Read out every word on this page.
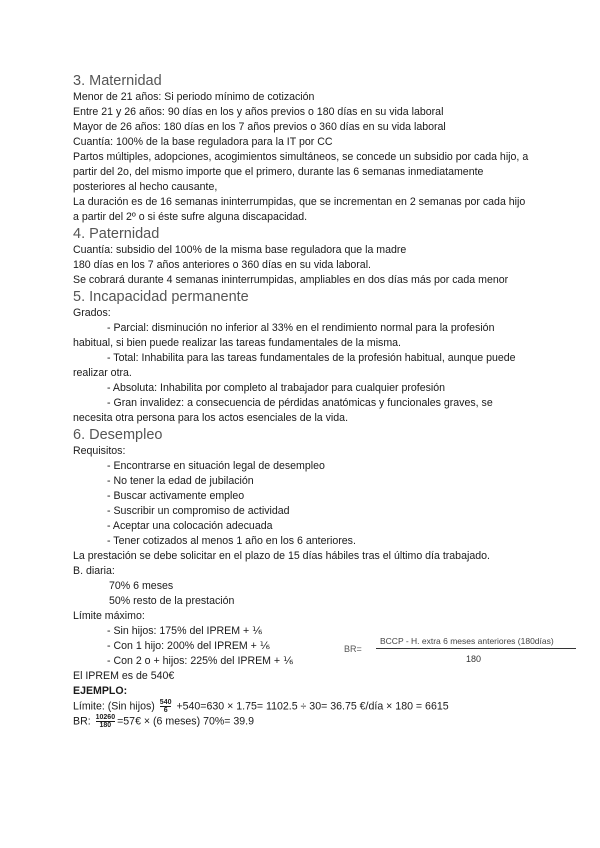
3. Maternidad

Menor de 21 años: Si periodo mínimo de cotización

Entre 21 y 26 años: 90 días en los y años previos o 180 días en su vida laboral

Mayor de 26 años: 180 días en los 7 años previos o 360 días en su vida laboral

Cuantía: 100% de la base reguladora para la IT por CC

Partos múltiples, adopciones, acogimientos simultáneos, se concede un subsidio por cada hijo, a partir del 2o, del mismo importe que el primero, durante las 6 semanas inmediatamente posteriores al hecho causante,

La duración es de 16 semanas ininterrumpidas, que se incrementan en 2 semanas por cada hijo a partir del 2º o si éste sufre alguna discapacidad.

4. Paternidad

Cuantía: subsidio del 100% de la misma base reguladora que la madre

180 días en los 7 años anteriores o 360 días en su vida laboral.

Se cobrará durante 4 semanas ininterrumpidas, ampliables en dos días más por cada menor

5. Incapacidad permanente

Grados:

- Parcial: disminución no inferior al 33% en el rendimiento normal para la profesión habitual, si bien puede realizar las tareas fundamentales de la misma.

- Total: Inhabilita para las tareas fundamentales de la profesión habitual, aunque puede realizar otra.

- Absoluta: Inhabilita por completo al trabajador para cualquier profesión

- Gran invalidez: a consecuencia de pérdidas anatómicas y funcionales graves, se necesita otra persona para los actos esenciales de la vida.

6. Desempleo

Requisitos:

- Encontrarse en situación legal de desempleo

- No tener la edad de jubilación

- Buscar activamente empleo

- Suscribir un compromiso de actividad

- Aceptar una colocación adecuada

- Tener cotizados al menos 1 año en los 6 anteriores.

La prestación se debe solicitar en el plazo de 15 días hábiles tras el último día trabajado.

B. diaria:

70% 6 meses

50% resto de la prestación

Límite máximo:

- Sin hijos: 175% del IPREM + ⅙

- Con 1 hijo: 200% del IPREM + ⅙

- Con 2 o + hijos: 225% del IPREM + ⅙

El IPREM es de 540€

EJEMPLO:

Límite: (Sin hijos) $\frac{540}{6} +540=630 \times 1.75= 1102.5 \div 30= 36.75$ €/día × 180 = 6615

BR: $\frac{10260}{180}$ =57€ × (6 meses) 70%= 39.9

BR=
BCCP - H. extra 6 meses anteriores (180días)
180
